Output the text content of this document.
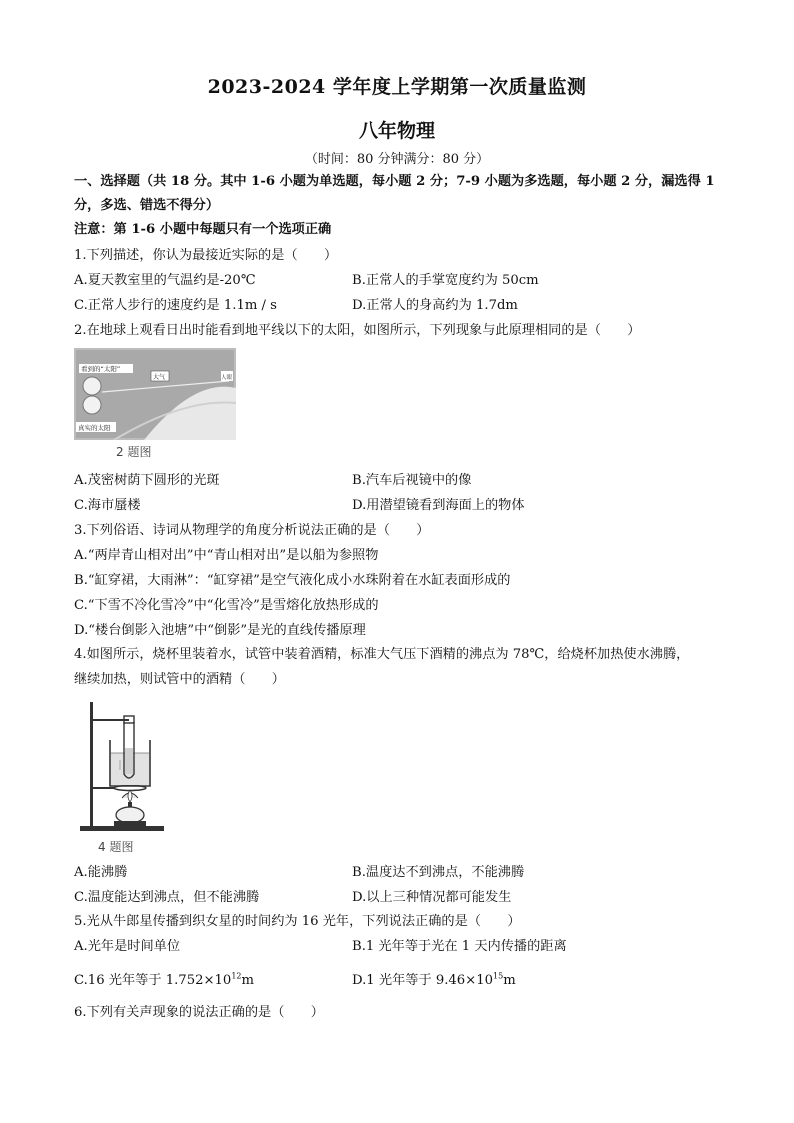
2023-2024 学年度上学期第一次质量监测
八年物理
（时间：80 分钟满分：80 分）
一、选择题（共 18 分。其中 1-6 小题为单选题，每小题 2 分；7-9 小题为多选题，每小题 2 分，漏选得 1
分，多选、错选不得分）
注意：第 1-6 小题中每题只有一个选项正确
1.下列描述，你认为最接近实际的是（　　）
A.夏天教室里的气温约是-20℃	B.正常人的手掌宽度约为 50cm
C.正常人步行的速度约是 1.1m / s	D.正常人的身高约为 1.7dm
2.在地球上观看日出时能看到地平线以下的太阳，如图所示，下列现象与此原理相同的是（　　）
看到的“太阳”
大气	人眼
真实的太阳
2 题图
A.茂密树荫下圆形的光斑	B.汽车后视镜中的像
C.海市蜃楼	D.用潜望镜看到海面上的物体
3.下列俗语、诗词从物理学的角度分析说法正确的是（　　）
A.“两岸青山相对出”中“青山相对出”是以船为参照物
B.“缸穿裙，大雨淋”：“缸穿裙”是空气液化成小水珠附着在水缸表面形成的
C.“下雪不冷化雪冷”中“化雪冷”是雪熔化放热形成的
D.“楼台倒影入池塘”中“倒影”是光的直线传播原理
4.如图所示，烧杯里装着水，试管中装着酒精，标准大气压下酒精的沸点为 78℃，给烧杯加热使水沸腾，
继续加热，则试管中的酒精（　　）
4 题图
A.能沸腾	B.温度达不到沸点，不能沸腾
C.温度能达到沸点，但不能沸腾	D.以上三种情况都可能发生
5.光从牛郎星传播到织女星的时间约为 16 光年，下列说法正确的是（　　）
A.光年是时间单位	B.1 光年等于光在 1 天内传播的距离
C.16 光年等于 $1.752\times 10^{12}m$	D.1 光年等于 $9.46\times 10^{15}m$
6.下列有关声现象的说法正确的是（　　）
